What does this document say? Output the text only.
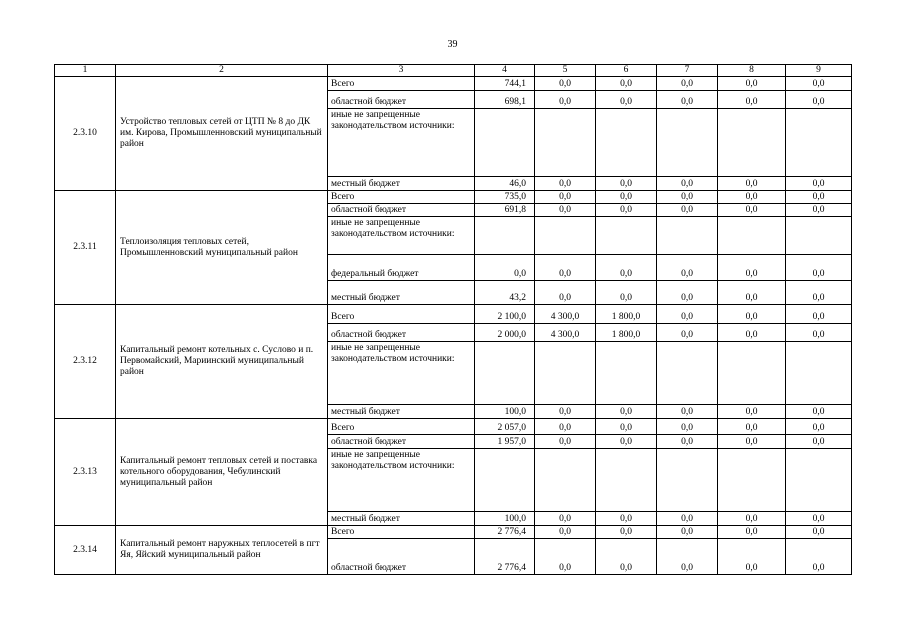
39
1	2	3	4	5	6	7	8	9
2.3.10	Устройство тепловых сетей от ЦТП № 8 до ДК им. Кирова, Промышленновский муниципальный район	Всего	744,1	0,0	0,0	0,0	0,0	0,0
		областной бюджет	698,1	0,0	0,0	0,0	0,0	0,0
		иные не запрещенные законодательством источники:						
		местный бюджет	46,0	0,0	0,0	0,0	0,0	0,0
2.3.11	Теплоизоляция тепловых сетей, Промышленновский муниципальный район	Всего	735,0	0,0	0,0	0,0	0,0	0,0
		областной бюджет	691,8	0,0	0,0	0,0	0,0	0,0
		иные не запрещенные законодательством источники:						
		федеральный бюджет	0,0	0,0	0,0	0,0	0,0	0,0
		местный бюджет	43,2	0,0	0,0	0,0	0,0	0,0
2.3.12	Капитальный ремонт котельных с. Суслово и п. Первомайский, Мариинский муниципальный район	Всего	2 100,0	4 300,0	1 800,0	0,0	0,0	0,0
		областной бюджет	2 000,0	4 300,0	1 800,0	0,0	0,0	0,0
		иные не запрещенные законодательством источники:						
		местный бюджет	100,0	0,0	0,0	0,0	0,0	0,0
2.3.13	Капитальный ремонт тепловых сетей и поставка котельного оборудования, Чебулинский муниципальный район	Всего	2 057,0	0,0	0,0	0,0	0,0	0,0
		областной бюджет	1 957,0	0,0	0,0	0,0	0,0	0,0
		иные не запрещенные законодательством источники:						
		местный бюджет	100,0	0,0	0,0	0,0	0,0	0,0
2.3.14	Капитальный ремонт наружных теплосетей в пгт Яя, Яйский муниципальный район	Всего	2 776,4	0,0	0,0	0,0	0,0	0,0
		областной бюджет	2 776,4	0,0	0,0	0,0	0,0	0,0
